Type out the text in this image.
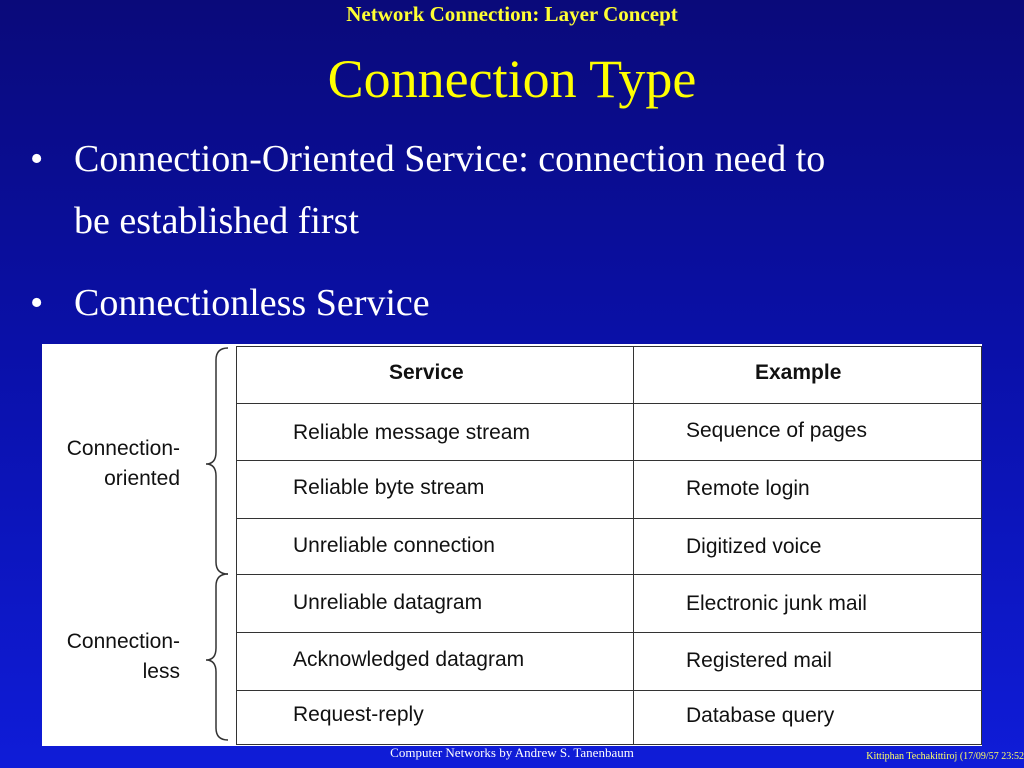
Network Connection: Layer Concept
Connection Type
• Connection-Oriented Service: connection need to
be established first
• Connectionless Service
Connection-
oriented
Connection-
less
Service	Example
Reliable message stream	Sequence of pages
Reliable byte stream	Remote login
Unreliable connection	Digitized voice
Unreliable datagram	Electronic junk mail
Acknowledged datagram	Registered mail
Request-reply	Database query
Computer Networks by Andrew S. Tanenbaum	Kittiphan Techakittiroj (17/09/57 23:52
